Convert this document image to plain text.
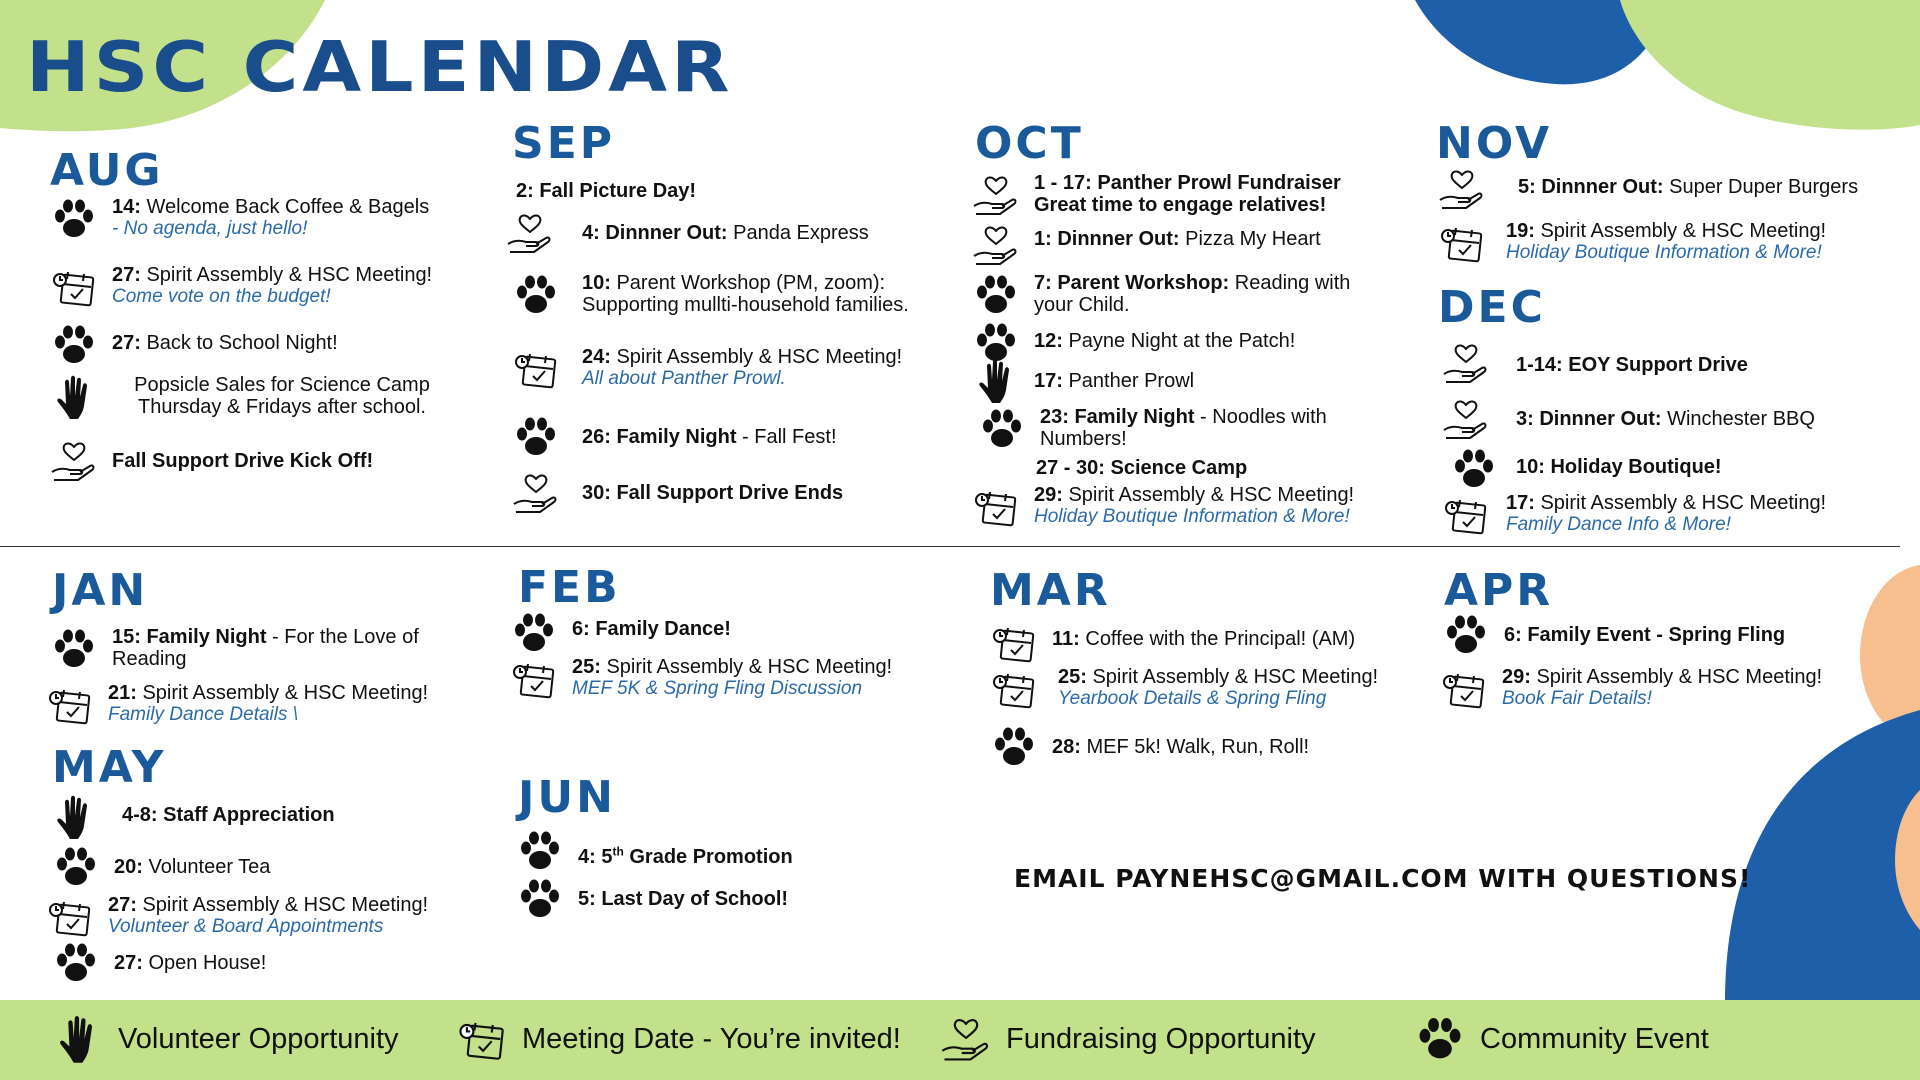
HSC CALENDAR
AUG
SEP	OCT	NOV
DEC
JAN	FEB	MAR	APR
MAY
JUN
14: Welcome Back Coffee & Bagels
- No agenda, just hello!
27: Spirit Assembly & HSC Meeting!
Come vote on the budget!
27: Back to School Night!
Popsicle Sales for Science Camp Thursday & Fridays after school.
Fall Support Drive Kick Off!
2: Fall Picture Day!
4: Dinnner Out: Panda Express
10: Parent Workshop (PM, zoom): Supporting mullti-household families.
24: Spirit Assembly & HSC Meeting!
All about Panther Prowl.
26: Family Night - Fall Fest!
30: Fall Support Drive Ends
1 - 17: Panther Prowl Fundraiser Great time to engage relatives!
1: Dinnner Out: Pizza My Heart
7: Parent Workshop: Reading with your Child.
12: Payne Night at the Patch!
17: Panther Prowl
23: Family Night - Noodles with Numbers!
27 - 30: Science Camp
29: Spirit Assembly & HSC Meeting!
Holiday Boutique Information & More!
5: Dinnner Out: Super Duper Burgers
19: Spirit Assembly & HSC Meeting!
Holiday Boutique Information & More!
1-14: EOY Support Drive
3: Dinnner Out: Winchester BBQ
10: Holiday Boutique!
17: Spirit Assembly & HSC Meeting!
Family Dance Info & More!
15: Family Night - For the Love of Reading
21: Spirit Assembly & HSC Meeting!
Family Dance Details \
6: Family Dance!
25: Spirit Assembly & HSC Meeting!
MEF 5K & Spring Fling Discussion
11: Coffee with the Principal! (AM)
25: Spirit Assembly & HSC Meeting!
Yearbook Details & Spring Fling
28: MEF 5k! Walk, Run, Roll!
6: Family Event - Spring Fling
29: Spirit Assembly & HSC Meeting!
Book Fair Details!
4-8: Staff Appreciation
20: Volunteer Tea
27: Spirit Assembly & HSC Meeting!
Volunteer & Board Appointments
27: Open House!
4: 5th Grade Promotion
5: Last Day of School!
EMAIL PAYNEHSC@GMAIL.COM WITH QUESTIONS!
Volunteer Opportunity	Meeting Date - You’re invited!	Fundraising Opportunity	Community Event
